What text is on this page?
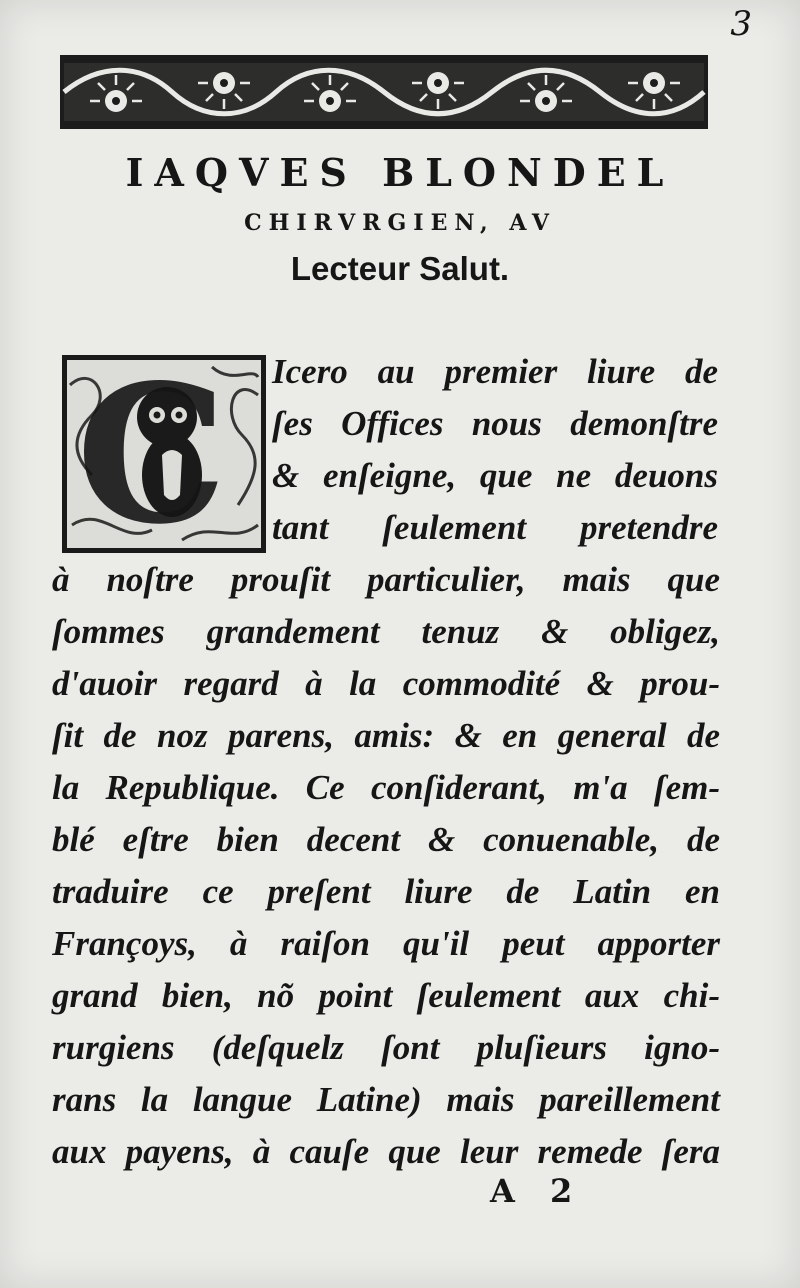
3
IAQVES BLONDEL
CHIRVRGIEN, AV
Lecteur Salut.
C Icero au premier liure de
ſes Offices nous demonſtre
& enſeigne, que ne deuons
tant ſeulement pretendre
à noſtre prouſit particulier, mais que
ſommes grandement tenuz & obligez,
d'auoir regard à la commodité & prou-
ſit de noz parens, amis: & en general de
la Republique. Ce conſiderant, m'a ſem-
blé eſtre bien decent & conuenable, de
traduire ce preſent liure de Latin en
Françoys, à raiſon qu'il peut apporter
grand bien, nõ point ſeulement aux chi-
rurgiens (deſquelz ſont pluſieurs igno-
rans la langue Latine) mais pareillement
aux payens, à cauſe que leur remede ſera
A 2
